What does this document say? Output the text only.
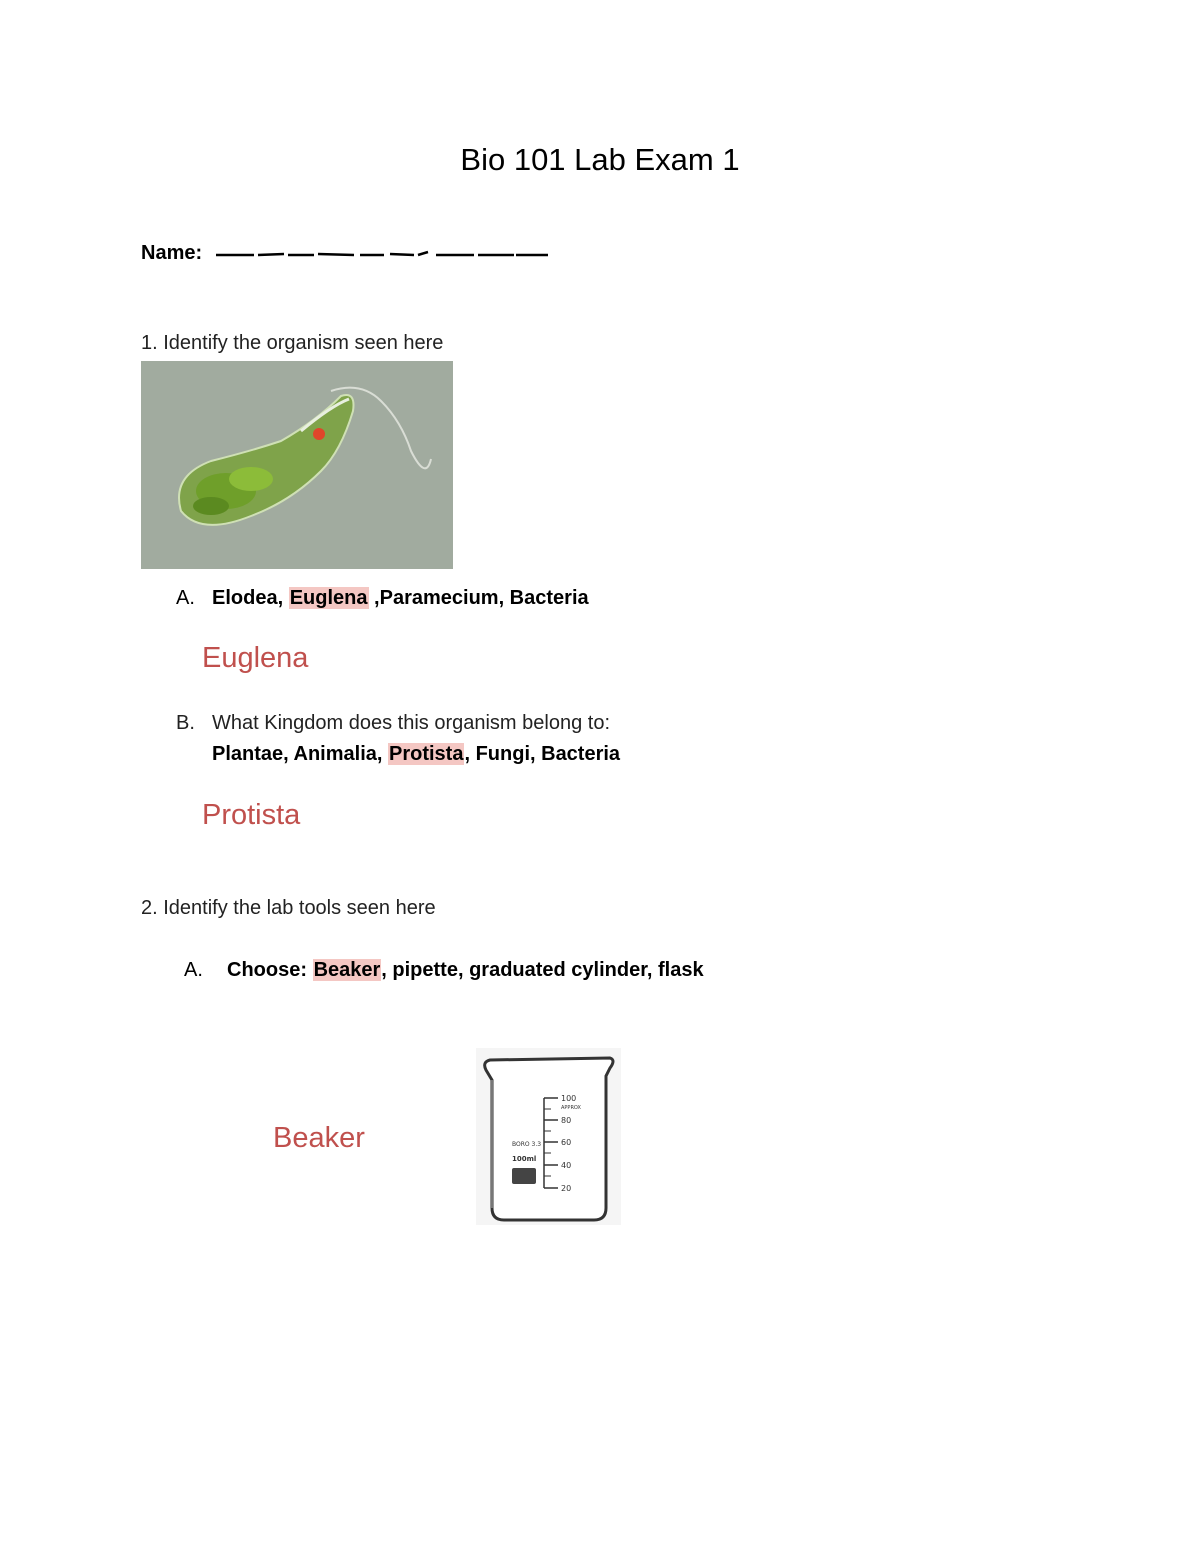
Bio 101 Lab Exam 1
Name:
1. Identify the organism seen here
A. Elodea, Euglena ,Paramecium, Bacteria
Euglena
B. What Kingdom does this organism belong to:
Plantae, Animalia, Protista, Fungi, Bacteria
Protista
2. Identify the lab tools seen here
A. Choose: Beaker, pipette, graduated cylinder, flask
Beaker
100
APPROX
80
60
40
20
BORO 3.3
100ml
